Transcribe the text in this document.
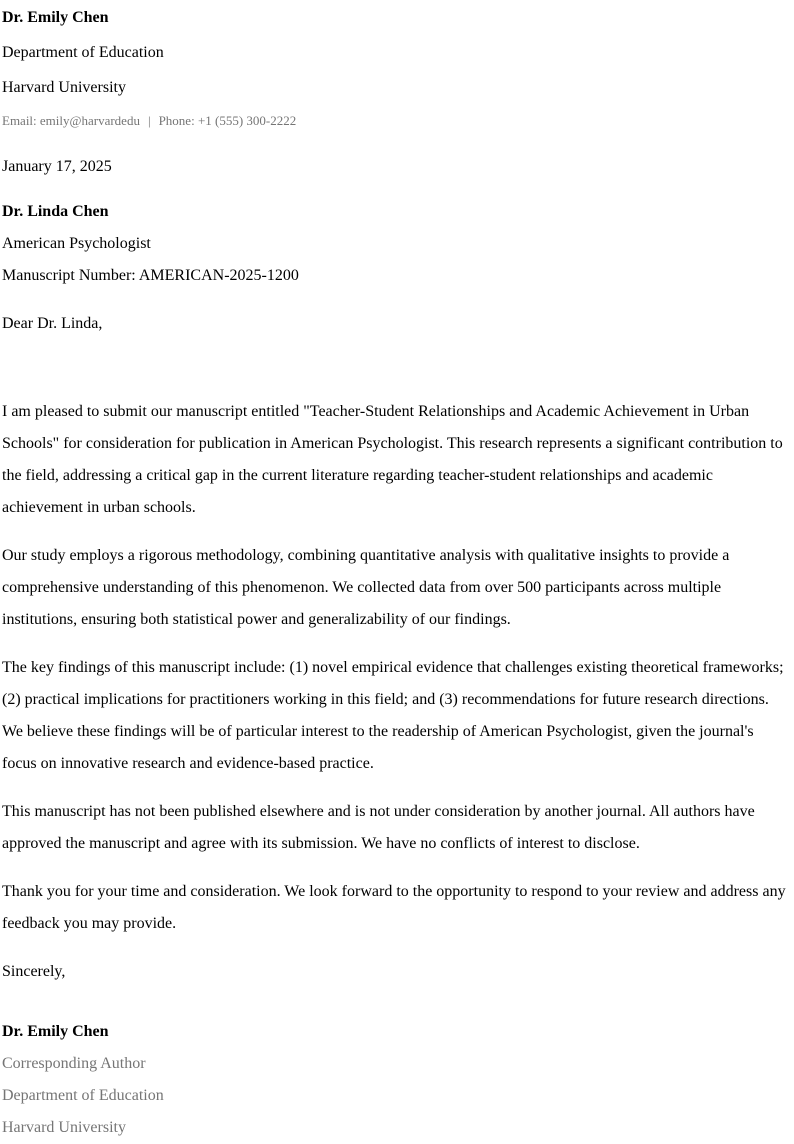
Dr. Emily Chen

Department of Education

Harvard University

Email: emily@harvardedu | Phone: +1 (555) 300-2222

January 17, 2025

Dr. Linda Chen
American Psychologist
Manuscript Number: AMERICAN-2025-1200

Dear Dr. Linda,

I am pleased to submit our manuscript entitled "Teacher-Student Relationships and Academic Achievement in Urban Schools" for consideration for publication in American Psychologist. This research represents a significant contribution to the field, addressing a critical gap in the current literature regarding teacher-student relationships and academic achievement in urban schools.

Our study employs a rigorous methodology, combining quantitative analysis with qualitative insights to provide a comprehensive understanding of this phenomenon. We collected data from over 500 participants across multiple institutions, ensuring both statistical power and generalizability of our findings.

The key findings of this manuscript include: (1) novel empirical evidence that challenges existing theoretical frameworks; (2) practical implications for practitioners working in this field; and (3) recommendations for future research directions. We believe these findings will be of particular interest to the readership of American Psychologist, given the journal's focus on innovative research and evidence-based practice.

This manuscript has not been published elsewhere and is not under consideration by another journal. All authors have approved the manuscript and agree with its submission. We have no conflicts of interest to disclose.

Thank you for your time and consideration. We look forward to the opportunity to respond to your review and address any feedback you may provide.

Sincerely,

Dr. Emily Chen
Corresponding Author
Department of Education
Harvard University
